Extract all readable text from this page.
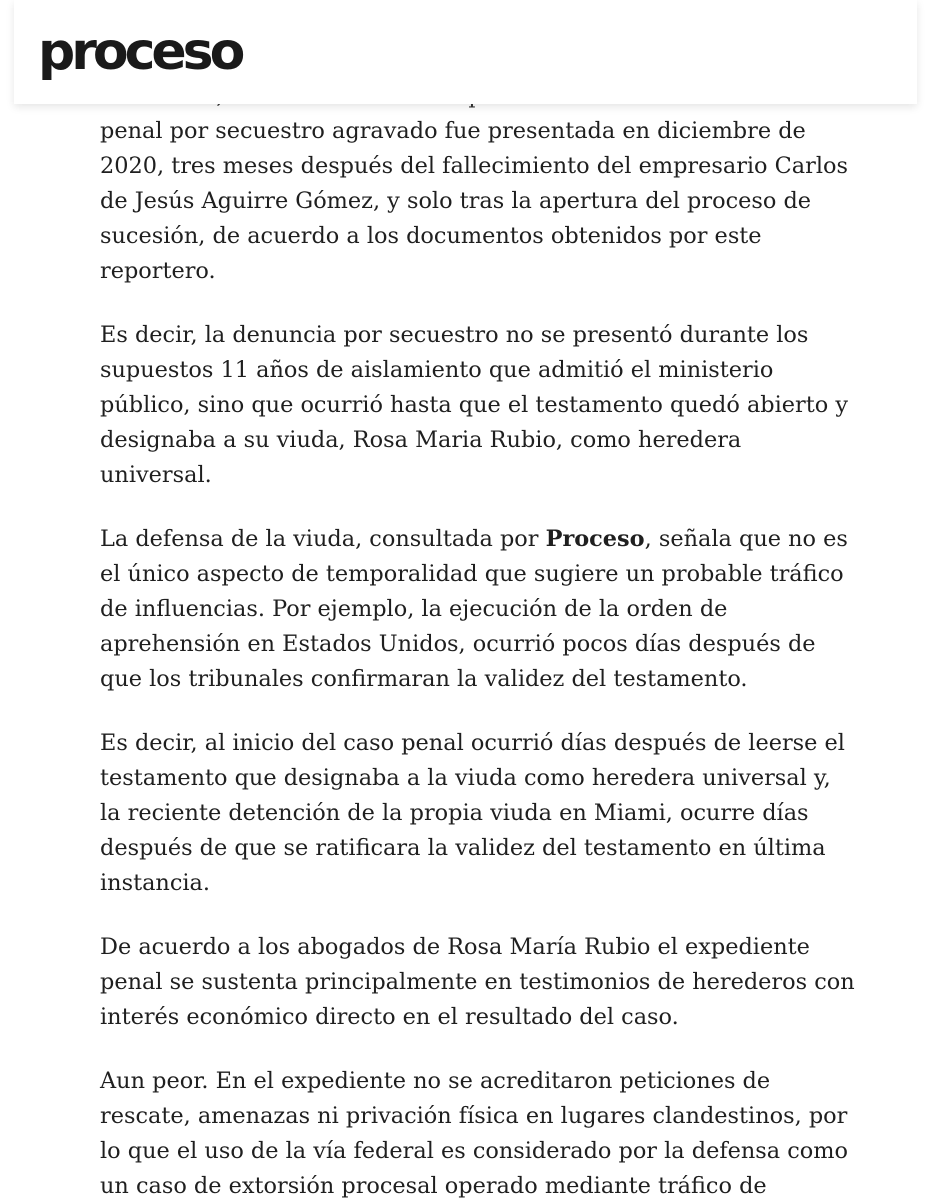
proceso

penal por secuestro agravado fue presentada en diciembre de
2020, tres meses después del fallecimiento del empresario Carlos
de Jesús Aguirre Gómez, y solo tras la apertura del proceso de
sucesión, de acuerdo a los documentos obtenidos por este
reportero.

Es decir, la denuncia por secuestro no se presentó durante los
supuestos 11 años de aislamiento que admitió el ministerio
público, sino que ocurrió hasta que el testamento quedó abierto y
designaba a su viuda, Rosa Maria Rubio, como heredera
universal.

La defensa de la viuda, consultada por Proceso, señala que no es
el único aspecto de temporalidad que sugiere un probable tráfico
de influencias. Por ejemplo, la ejecución de la orden de
aprehensión en Estados Unidos, ocurrió pocos días después de
que los tribunales confirmaran la validez del testamento.

Es decir, al inicio del caso penal ocurrió días después de leerse el
testamento que designaba a la viuda como heredera universal y,
la reciente detención de la propia viuda en Miami, ocurre días
después de que se ratificara la validez del testamento en última
instancia.

De acuerdo a los abogados de Rosa María Rubio el expediente
penal se sustenta principalmente en testimonios de herederos con
interés económico directo en el resultado del caso.

Aun peor. En el expediente no se acreditaron peticiones de
rescate, amenazas ni privación física en lugares clandestinos, por
lo que el uso de la vía federal es considerado por la defensa como
un caso de extorsión procesal operado mediante tráfico de
